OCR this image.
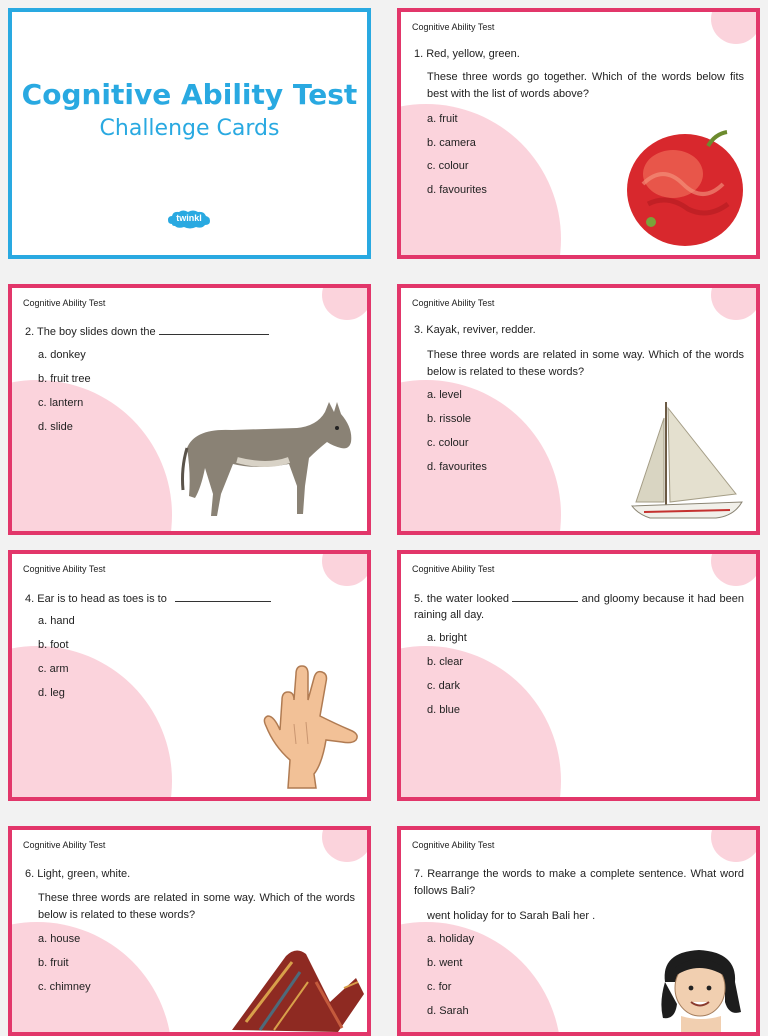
Cognitive Ability Test
Challenge Cards
twinkl
Cognitive Ability Test
1. Red, yellow, green.
These three words go together. Which of the words below fits best with the list of words above?
a. fruit
b. camera
c. colour
d. favourites
Cognitive Ability Test
2. The boy slides down the
a. donkey
b. fruit tree
c. lantern
d. slide
Cognitive Ability Test
3. Kayak, reviver, redder.
These three words are related in some way. Which of the words below is related to these words?
a. level
b. rissole
c. colour
d. favourites
Cognitive Ability Test
4. Ear is to head as toes is to
a. hand
b. foot
c. arm
d. leg
Cognitive Ability Test
5. the water looked	and gloomy because it had been raining all day.
a. bright
b. clear
c. dark
d. blue
Cognitive Ability Test
6. Light, green, white.
These three words are related in some way. Which of the words below is related to these words?
a. house
b. fruit
c. chimney
Cognitive Ability Test
7. Rearrange the words to make a complete sentence. What word follows Bali?
went holiday for to Sarah Bali her .
a. holiday
b. went
c. for
d. Sarah
